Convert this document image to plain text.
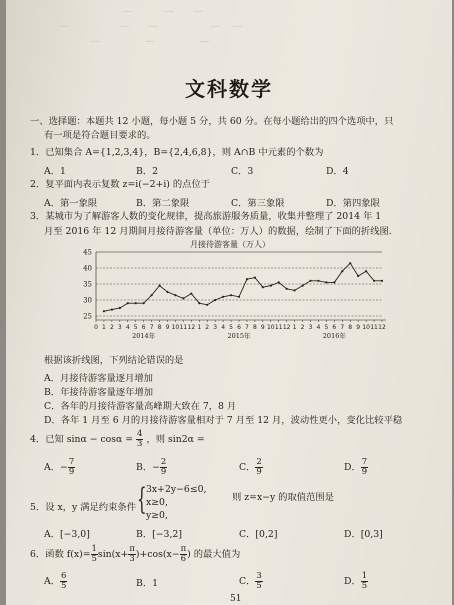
—          —      —
—                —      —                —    —
—              —              —
文科数学
一、选择题：本题共 12 小题，每小题 5 分，共 60 分。在每小题给出的四个选项中，只
有一项是符合题目要求的。
1．已知集合 A={1,2,3,4}，B={2,4,6,8}，则 A∩B 中元素的个数为
A．1	B．2	C．3	D．4
2．复平面内表示复数 z=i(−2+i) 的点位于
A．第一象限	B．第二象限	C．第三象限	D．第四象限
3．某城市为了解游客人数的变化规律，提高旅游服务质量，收集并整理了 2014 年 1
月至 2016 年 12 月期间月接待游客量（单位：万人）的数据，绘制了下面的折线图.
月接待游客量（万人）
25
30
35
40
45
0 1 2 3 4 5 6 7 8 9 10 11 12 1 2 3 4 5 6 7 8 9 10 11 12 1 2 3 4 5 6 7 8 9 10 11 12
2014年	2015年	2016年
根据该折线图，下列结论错误的是
A．月接待游客量逐月增加
B．年接待游客量逐年增加
C．各年的月接待游客量高峰期大致在 7，8 月
D．各年 1 月至 6 月的月接待游客量相对于 7 月至 12 月，波动性更小，变化比较平稳
4．已知 $\sin\alpha - \cos\alpha = \frac{4}{3}$ ，则 sin2α =
A．− $\frac{7}{9}$	B．− $\frac{2}{9}$	C． $\frac{2}{9}$	D． $\frac{7}{9}$
5．设 x，y 满足约束条件 { 3x+2y−6≤0,
x≥0,
y≥0,
则 z=x−y 的取值范围是
A．[−3,0]	B．[−3,2]	C．[0,2]	D．[0,3]
6．函数 $f(x)= \frac{1}{5} \sin(x+ \frac{\pi}{3} )+\cos(x- \frac{\pi}{6}$ ) 的最大值为
A． $\frac{6}{5}$	B．1	C． $\frac{3}{5}$	D． $\frac{1}{5}$
51
